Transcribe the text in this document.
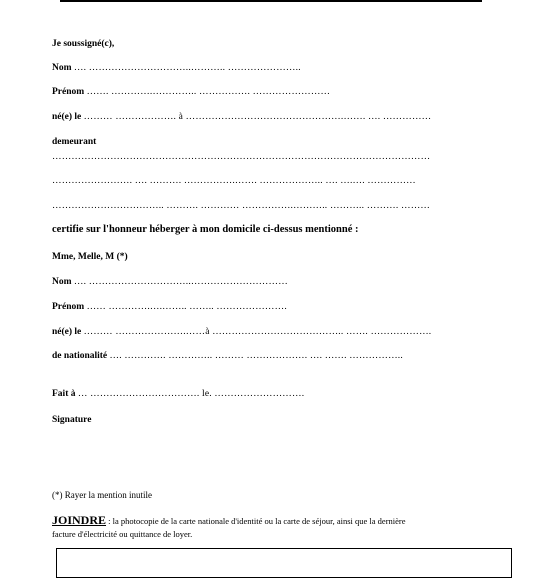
Je soussigné(c),
Nom …. …………………………..……….. …………………..
Prénom ……. ………….………….. ……………. ……………………
né(e) le ……… ………………. à ………………………………………….……. …. ……………
demeurant
………………………………………………………………………………………………………
……………………. …. ………. …………….……. ……………….. …. ….…. ……………
…………………………….. ………. ………… …………….……….. ……….. ………. ………
certifie sur l'honneur héberger à mon domicile ci-dessus mentionné :
Mme, Melle, M (*)
Nom …. …………………………..…………………………
Prénom …… ………….….…….. …….. ………………….
né(e) le ……… ………………….……à ………………………………….. ……. ……………….
de nationalité …. …………. ………….. ……… ………………. …. ……. ……………..
Fait à … ……………………………. le. ……………………….
Signature
(*) Rayer la mention inutile
JOINDRE : la photocopie de la carte nationale d'identité ou la carte de séjour, ainsi que la dernière
facture d'électricité ou quittance de loyer.
